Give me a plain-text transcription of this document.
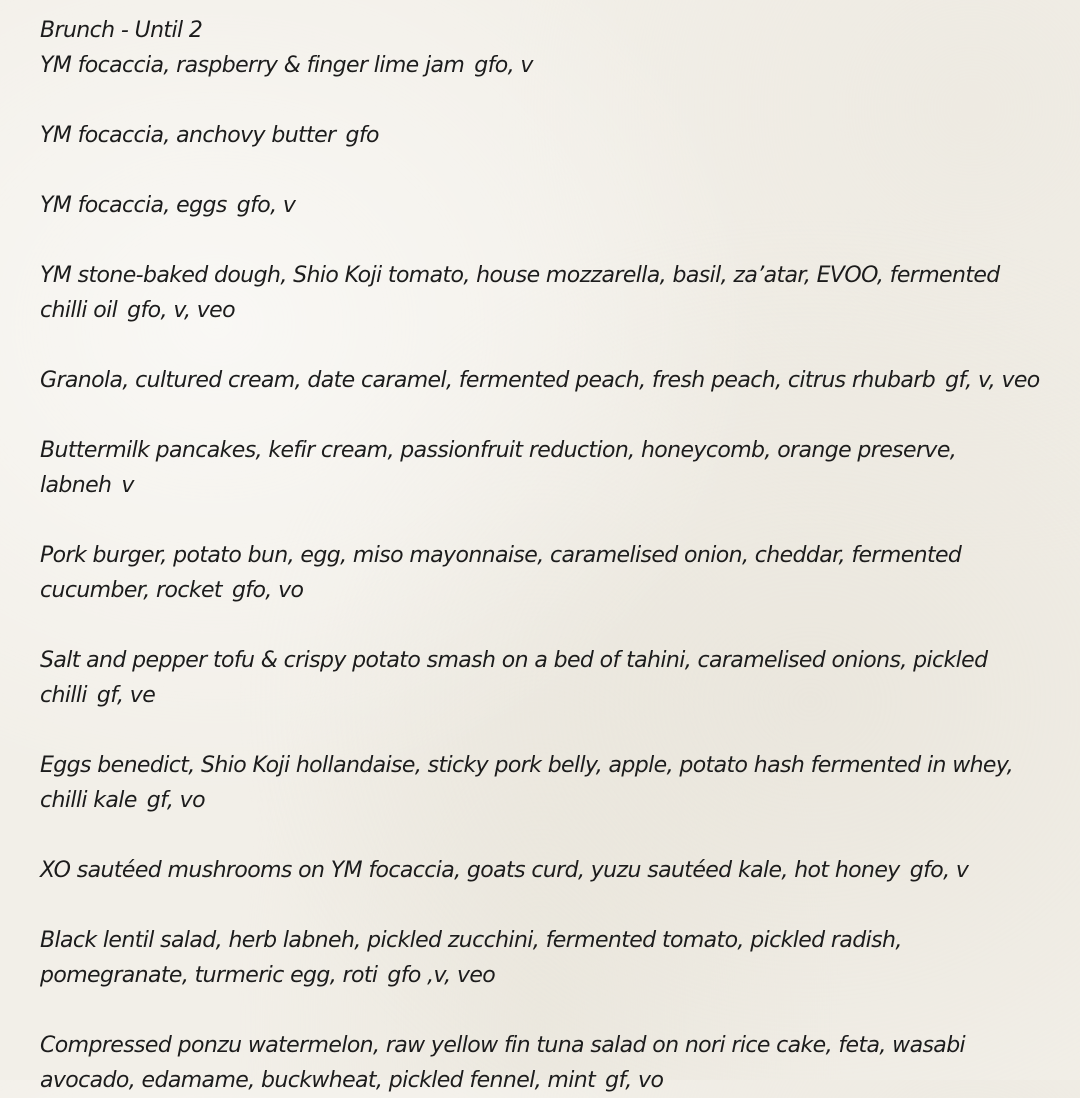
Brunch - Until 2

YM focaccia, raspberry & finger lime jam gfo, v

YM focaccia, anchovy butter gfo

YM focaccia, eggs gfo, v

YM stone-baked dough, Shio Koji tomato, house mozzarella, basil, za’atar, EVOO, fermented chilli oil gfo, v, veo

Granola, cultured cream, date caramel, fermented peach, fresh peach, citrus rhubarb gf, v, veo

Buttermilk pancakes, kefir cream, passionfruit reduction, honeycomb, orange preserve, labneh v

Pork burger, potato bun, egg, miso mayonnaise, caramelised onion, cheddar, fermented cucumber, rocket gfo, vo

Salt and pepper tofu & crispy potato smash on a bed of tahini, caramelised onions, pickled chilli gf, ve

Eggs benedict, Shio Koji hollandaise, sticky pork belly, apple, potato hash fermented in whey, chilli kale gf, vo

XO sautéed mushrooms on YM focaccia, goats curd, yuzu sautéed kale, hot honey gfo, v

Black lentil salad, herb labneh, pickled zucchini, fermented tomato, pickled radish, pomegranate, turmeric egg, roti gfo ,v, veo

Compressed ponzu watermelon, raw yellow fin tuna salad on nori rice cake, feta, wasabi avocado, edamame, buckwheat, pickled fennel, mint gf, vo
